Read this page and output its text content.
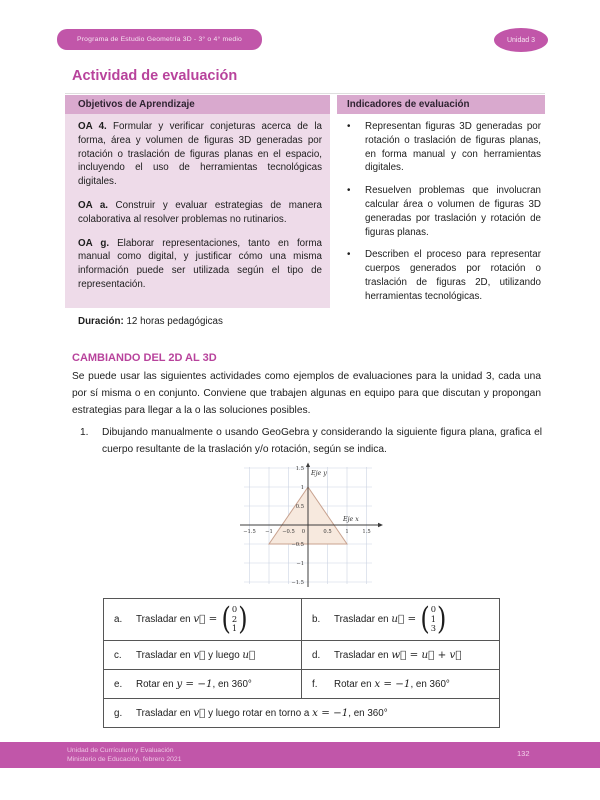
Programa de Estudio Geometría 3D - 3° o 4° medio	Unidad 3
Actividad de evaluación
Objetivos de Aprendizaje	Indicadores de evaluación

OA 4. Formular y verificar conjeturas acerca de la forma, área y volumen de figuras 3D generadas por rotación o traslación de figuras planas en el espacio, incluyendo el uso de herramientas tecnológicas digitales.

OA a. Construir y evaluar estrategias de manera colaborativa al resolver problemas no rutinarios.

OA g. Elaborar representaciones, tanto en forma manual como digital, y justificar cómo una misma información puede ser utilizada según el tipo de representación.

•	Representan figuras 3D generadas por rotación o traslación de figuras planas, en forma manual y con herramientas digitales.
•	Resuelven problemas que involucran calcular área o volumen de figuras 3D generadas por traslación y rotación de figuras planas.
•	Describen el proceso para representar cuerpos generados por rotación o traslación de figuras 2D, utilizando herramientas tecnológicas.

Duración: 12 horas pedagógicas

CAMBIANDO DEL 2D AL 3D

Se puede usar las siguientes actividades como ejemplos de evaluaciones para la unidad 3, cada una por sí misma o en conjunto. Conviene que trabajen algunas en equipo para que discutan y propongan estrategias para llegar a la o las soluciones posibles.

1.	Dibujando manualmente o usando GeoGebra y considerando la siguiente figura plana, grafica el cuerpo resultante de la traslación y/o rotación, según se indica.
−1.5 −1 −0.5 0	0.5	1	1.5
1.5
1
0.5
−0.5
−1
−1.5
Eje y
Eje x
a.	Trasladar en v⃗ = ( 0
2
1 )	b.	Trasladar en u⃗ = ( 0
1
3 )
c.	Trasladar en v⃗ y luego u⃗	d.	Trasladar en w⃗ = u⃗ + v⃗
e.	Rotar en y = −1 , en 360°	f.	Rotar en x = −1 , en 360°
g.	Trasladar en v⃗ y luego rotar en torno a x = −1 , en 360°
Unidad de Currículum y Evaluación
Ministerio de Educación, febrero 2021
132
